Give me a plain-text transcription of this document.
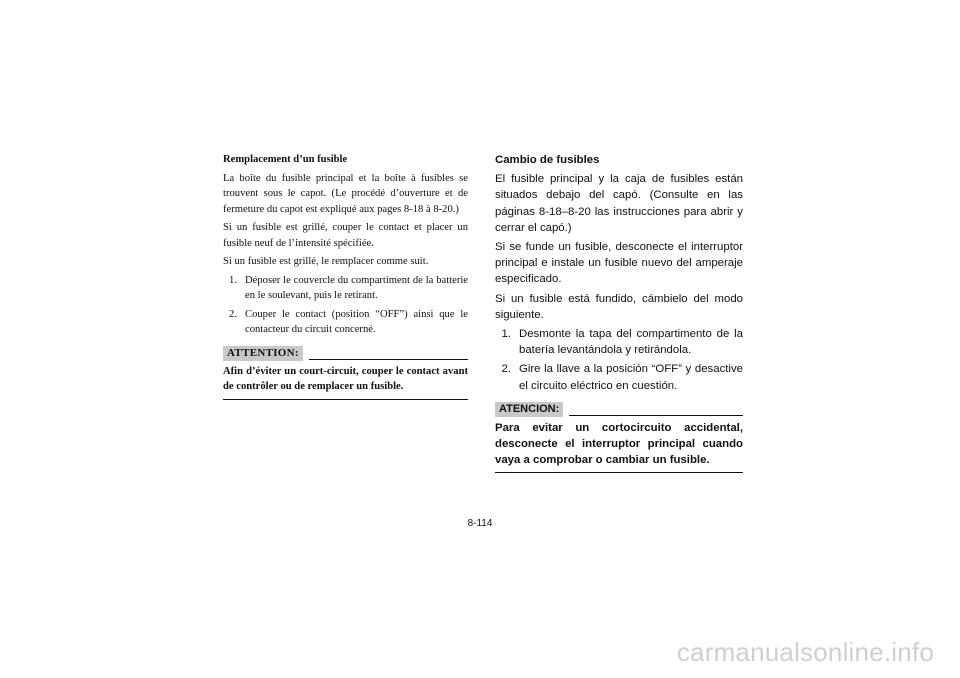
Remplacement d’un fusible

La boîte du fusible principal et la boîte à fusibles se trouvent sous le capot. (Le procédé d’ouverture et de fermeture du capot est expliqué aux pages 8-18 à 8-20.)

Si un fusible est grillé, couper le contact et placer un fusible neuf de l’intensité spécifiée.

Si un fusible est grillé, le remplacer comme suit.

1. Déposer le couvercle du compartiment de la batterie en le soulevant, puis le retirant.
2. Couper le contact (position “OFF”) ainsi que le contacteur du circuit concerné.
ATTENTION:

Afin d’éviter un court-circuit, couper le contact avant de contrôler ou de remplacer un fusible.

Cambio de fusibles

El fusible principal y la caja de fusibles están situados debajo del capó. (Consulte en las páginas 8-18–8-20 las instrucciones para abrir y cerrar el capó.)

Si se funde un fusible, desconecte el interruptor principal e instale un fusible nuevo del amperaje especificado.

Si un fusible está fundido, cámbielo del modo siguiente.

1. Desmonte la tapa del compartimento de la batería levantándola y retirándola.
2. Gire la llave a la posición “OFF” y desactive el circuito eléctrico en cuestión.
ATENCION:

Para evitar un cortocircuito accidental, desconecte el interruptor principal cuando vaya a comprobar o cambiar un fusible.

8-114
carmanualsonline.info
